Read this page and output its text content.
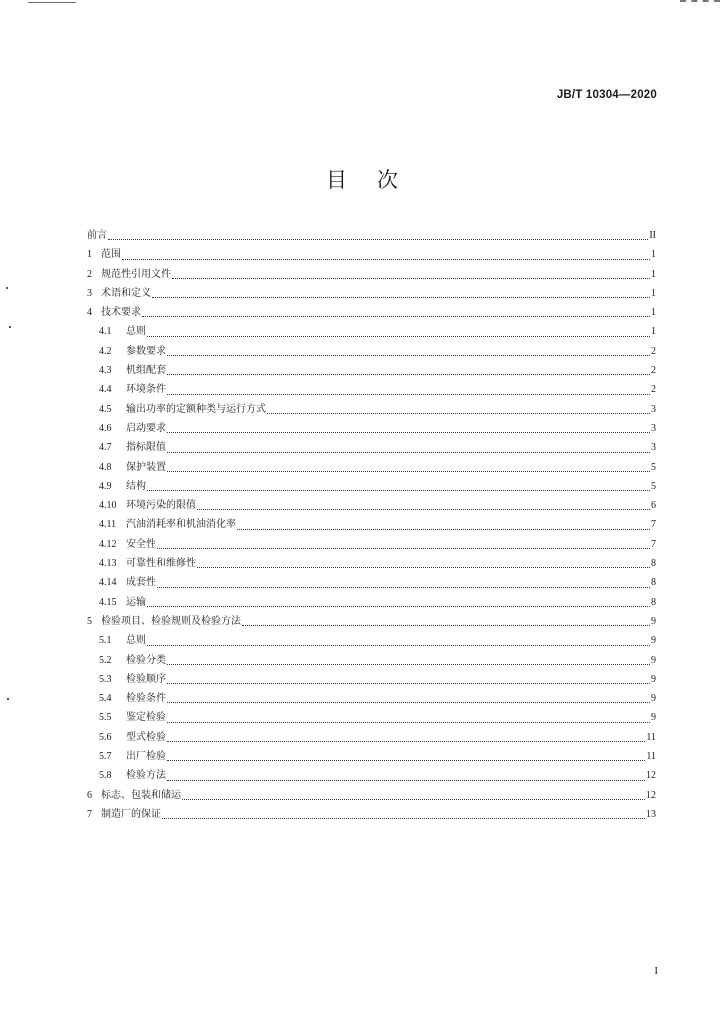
JB/T 10304—2020
目 次
前言	II
1 范围	1
2 规范性引用文件	1
3 术语和定义	1
4 技术要求	1
4.1	总则	1
4.2	参数要求	2
4.3	机组配套	2
4.4	环境条件	2
4.5	输出功率的定额种类与运行方式	3
4.6	启动要求	3
4.7	指标限值	3
4.8	保护装置	5
4.9	结构	5
4.10 环境污染的限值	6
4.11 汽油消耗率和机油消化率	7
4.12 安全性	7
4.13 可靠性和维修性	8
4.14 成套性	8
4.15 运输	8
5 检验项目、检验规则及检验方法	9
5.1	总则	9
5.2	检验分类	9
5.3	检验顺序	9
5.4	检验条件	9
5.5	鉴定检验	9
5.6	型式检验	11
5.7	出厂检验	11
5.8	检验方法	12
6 标志、包装和储运	12
7 制造厂的保证	13
I
